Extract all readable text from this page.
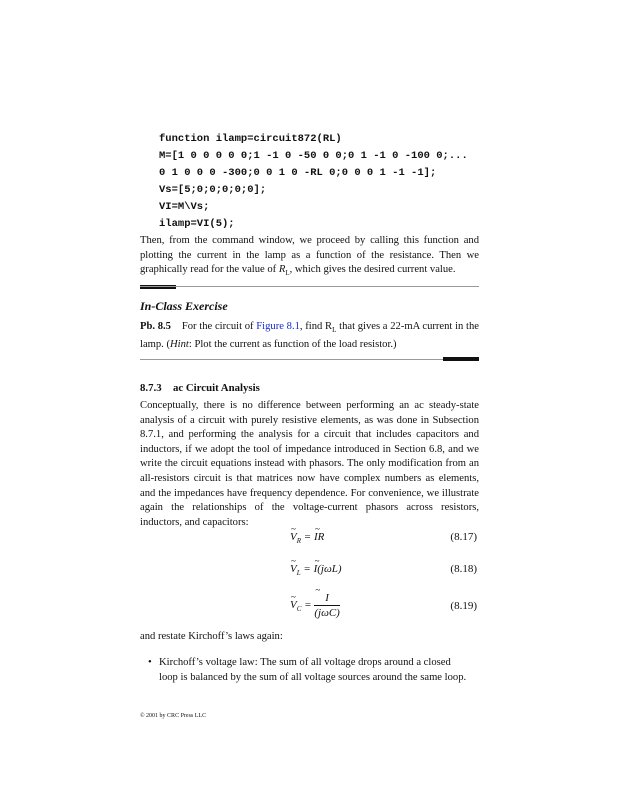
function ilamp=circuit872(RL)
M=[1 0 0 0 0 0;1 -1 0 -50 0 0;0 1 -1 0 -100 0;...
0 1 0 0 0 -300;0 0 1 0 -RL 0;0 0 0 1 -1 -1];
Vs=[5;0;0;0;0;0];
VI=M\Vs;
ilamp=VI(5);

Then, from the command window, we proceed by calling this function and plotting the current in the lamp as a function of the resistance. Then we graphically read for the value of $R_L$, which gives the desired current value.

In-Class Exercise

Pb. 8.5 For the circuit of Figure 8.1, find $R_L$ that gives a 22-mA current in the lamp. (Hint: Plot the current as function of the load resistor.)

8.7.3 ac Circuit Analysis

Conceptually, there is no difference between performing an ac steady-state analysis of a circuit with purely resistive elements, as was done in Subsection 8.7.1, and performing the analysis for a circuit that includes capacitors and inductors, if we adopt the tool of impedance introduced in Section 6.8, and we write the circuit equations instead with phasors. The only modification from an all-resistors circuit is that matrices now have complex numbers as elements, and the impedances have frequency dependence. For convenience, we illustrate again the relationships of the voltage-current phasors across resistors, inductors, and capacitors:

~ $V_R$ = ~ IR	(8.17)
~ $V_L$ = ~ I(jωL)	(8.18)
~ $V_C$ =
~ $\frac{I}{\text{(jωC)}}$	(8.19)

and restate Kirchoff’s laws again:

• Kirchoff’s voltage law: The sum of all voltage drops around a closed loop is balanced by the sum of all voltage sources around the same loop.
© 2001 by CRC Press LLC
